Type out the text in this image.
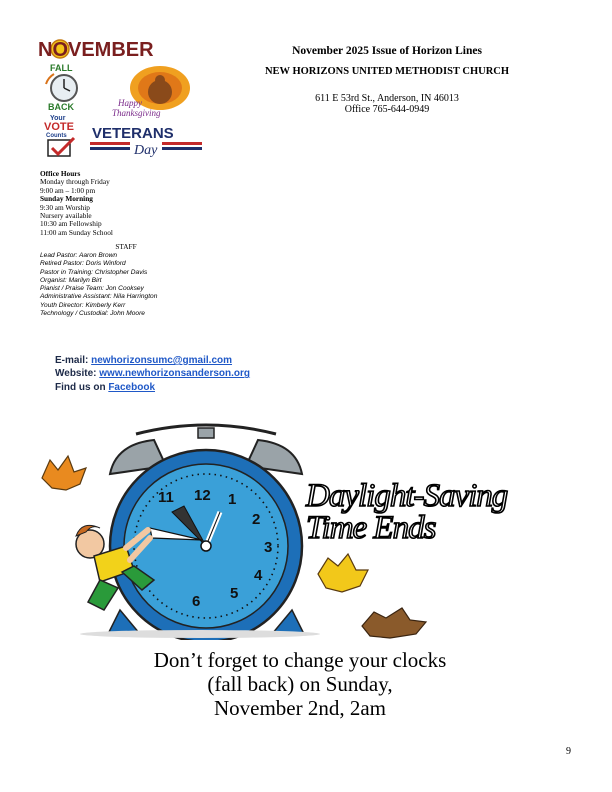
NOVEMBER
FALL
BACK	Happy
Thanksgiving
Your
VOTE
Counts VETERANS
Day
November 2025 Issue of Horizon Lines
NEW HORIZONS UNITED METHODIST CHURCH
611 E 53rd St., Anderson, IN 46013
Office 765-644-0949
Office Hours
Monday through Friday
9:00 am – 1:00 pm
Sunday Morning
9:30 am Worship
Nursery available
10:30 am Fellowship
11:00 am Sunday School
STAFF
Lead Pastor: Aaron Brown
Retired Pastor: Doris Winford
Pastor in Training: Christopher Davis
Organist: Marilyn Birt
Pianist / Praise Team: Jon Cooksey
Administrative Assistant: Nila Harrington
Youth Director: Kimberly Kerr
Technology / Custodial: John Moore
E-mail: newhorizonsumc@gmail.com
Website: www.newhorizonsanderson.org
Find us on Facebook
12 1
2
3
4
5
6
11	Daylight-Saving
Time Ends
Don’t forget to change your clocks
(fall back) on Sunday,
November 2nd, 2am
9
